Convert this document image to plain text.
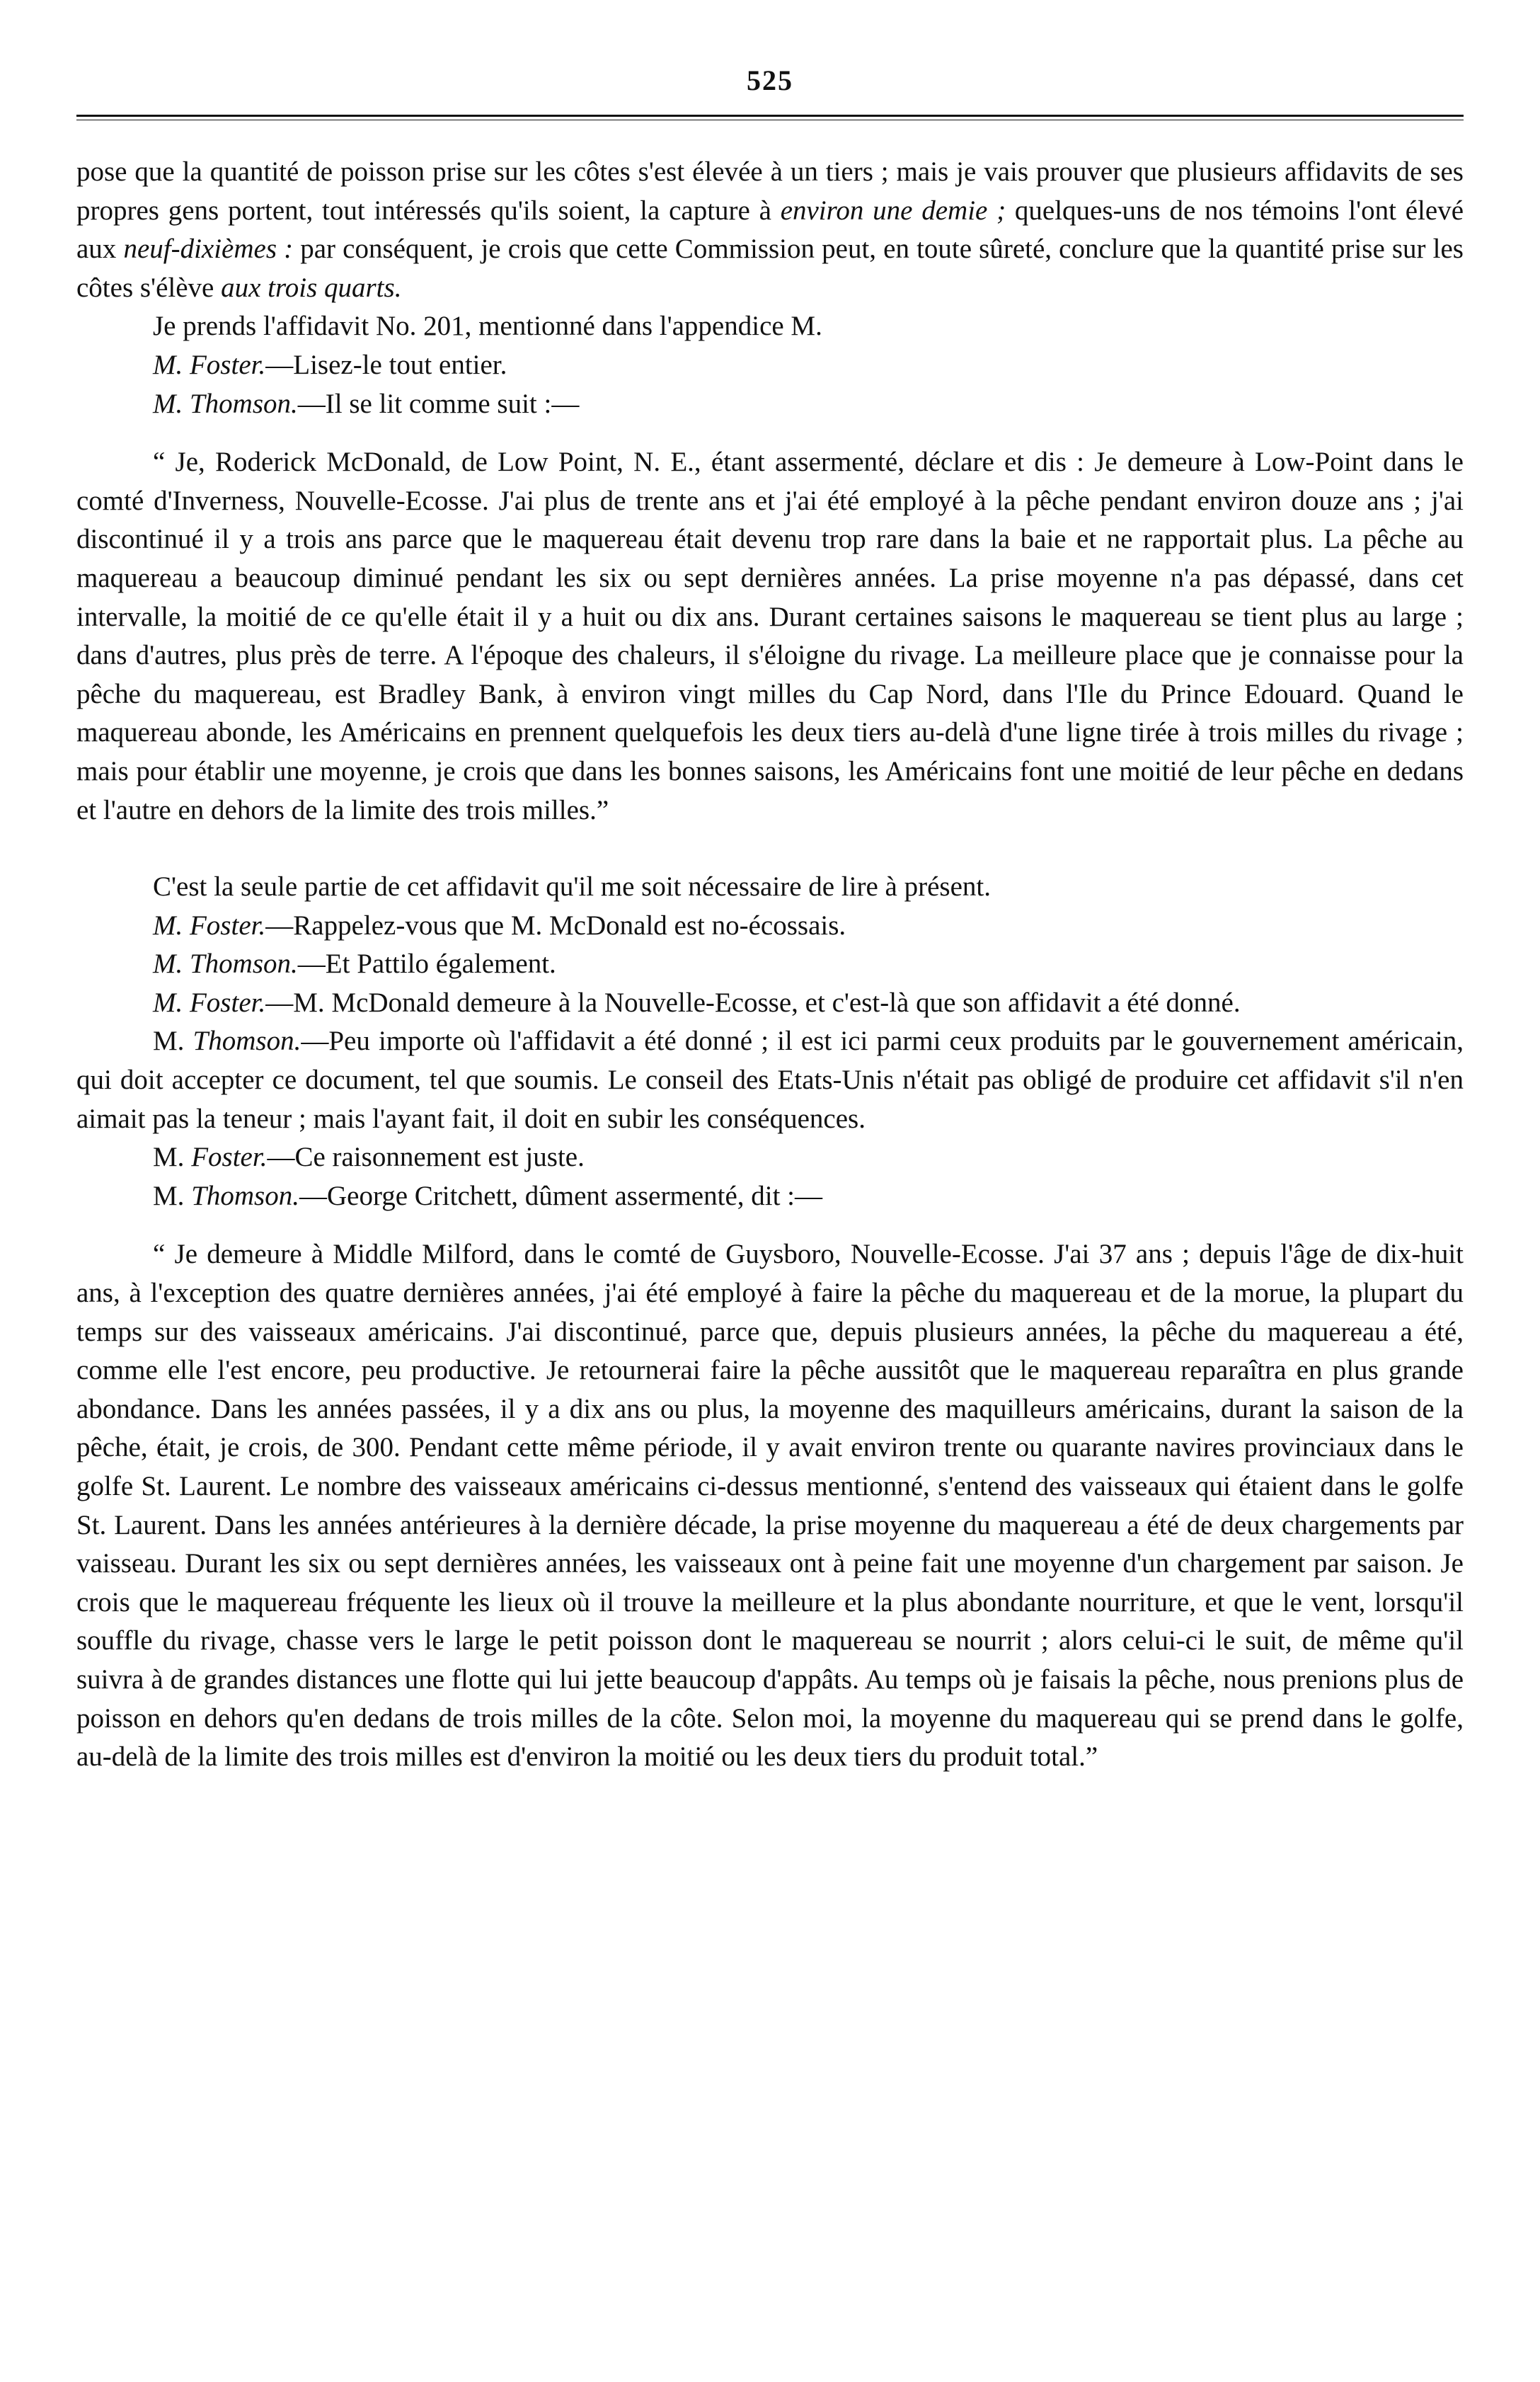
525

pose que la quantité de poisson prise sur les côtes s'est élevée à un tiers ; mais je vais prouver que plusieurs affidavits de ses propres gens portent, tout intéressés qu'ils soient, la capture à environ une demie ; quelques-uns de nos témoins l'ont élevé aux neuf-dixièmes : par conséquent, je crois que cette Commission peut, en toute sûreté, conclure que la quantité prise sur les côtes s'élève aux trois quarts.

Je prends l'affidavit No. 201, mentionné dans l'appendice M.

M. Foster.—Lisez-le tout entier.

M. Thomson.—Il se lit comme suit :—

“ Je, Roderick McDonald, de Low Point, N. E., étant assermenté, déclare et dis : Je demeure à Low-Point dans le comté d'Inverness, Nouvelle-Ecosse. J'ai plus de trente ans et j'ai été employé à la pêche pendant environ douze ans ; j'ai discontinué il y a trois ans parce que le maquereau était devenu trop rare dans la baie et ne rapportait plus. La pêche au maquereau a beaucoup diminué pendant les six ou sept dernières années. La prise moyenne n'a pas dépassé, dans cet intervalle, la moitié de ce qu'elle était il y a huit ou dix ans. Durant certaines saisons le maquereau se tient plus au large ; dans d'autres, plus près de terre. A l'époque des chaleurs, il s'éloigne du rivage. La meilleure place que je connaisse pour la pêche du maquereau, est Bradley Bank, à environ vingt milles du Cap Nord, dans l'Ile du Prince Edouard. Quand le maquereau abonde, les Américains en prennent quelquefois les deux tiers au-delà d'une ligne tirée à trois milles du rivage ; mais pour établir une moyenne, je crois que dans les bonnes saisons, les Américains font une moitié de leur pêche en dedans et l'autre en dehors de la limite des trois milles.”

C'est la seule partie de cet affidavit qu'il me soit nécessaire de lire à présent.

M. Foster.—Rappelez-vous que M. McDonald est no-écossais.

M. Thomson.—Et Pattilo également.

M. Foster.—M. McDonald demeure à la Nouvelle-Ecosse, et c'est-là que son affidavit a été donné.

M. Thomson.—Peu importe où l'affidavit a été donné ; il est ici parmi ceux produits par le gouvernement américain, qui doit accepter ce document, tel que soumis. Le conseil des Etats-Unis n'était pas obligé de produire cet affidavit s'il n'en aimait pas la teneur ; mais l'ayant fait, il doit en subir les conséquences.

M. Foster.—Ce raisonnement est juste.

M. Thomson.—George Critchett, dûment assermenté, dit :—

“ Je demeure à Middle Milford, dans le comté de Guysboro, Nouvelle-Ecosse. J'ai 37 ans ; depuis l'âge de dix-huit ans, à l'exception des quatre dernières années, j'ai été employé à faire la pêche du maquereau et de la morue, la plupart du temps sur des vaisseaux américains. J'ai discontinué, parce que, depuis plusieurs années, la pêche du maquereau a été, comme elle l'est encore, peu productive. Je retournerai faire la pêche aussitôt que le maquereau reparaîtra en plus grande abondance. Dans les années passées, il y a dix ans ou plus, la moyenne des maquilleurs américains, durant la saison de la pêche, était, je crois, de 300. Pendant cette même période, il y avait environ trente ou quarante navires provinciaux dans le golfe St. Laurent. Le nombre des vaisseaux américains ci-dessus mentionné, s'entend des vaisseaux qui étaient dans le golfe St. Laurent. Dans les années antérieures à la dernière décade, la prise moyenne du maquereau a été de deux chargements par vaisseau. Durant les six ou sept dernières années, les vaisseaux ont à peine fait une moyenne d'un chargement par saison. Je crois que le maquereau fréquente les lieux où il trouve la meilleure et la plus abondante nourriture, et que le vent, lorsqu'il souffle du rivage, chasse vers le large le petit poisson dont le maquereau se nourrit ; alors celui-ci le suit, de même qu'il suivra à de grandes distances une flotte qui lui jette beaucoup d'appâts. Au temps où je faisais la pêche, nous prenions plus de poisson en dehors qu'en dedans de trois milles de la côte. Selon moi, la moyenne du maquereau qui se prend dans le golfe, au-delà de la limite des trois milles est d'environ la moitié ou les deux tiers du produit total.”
